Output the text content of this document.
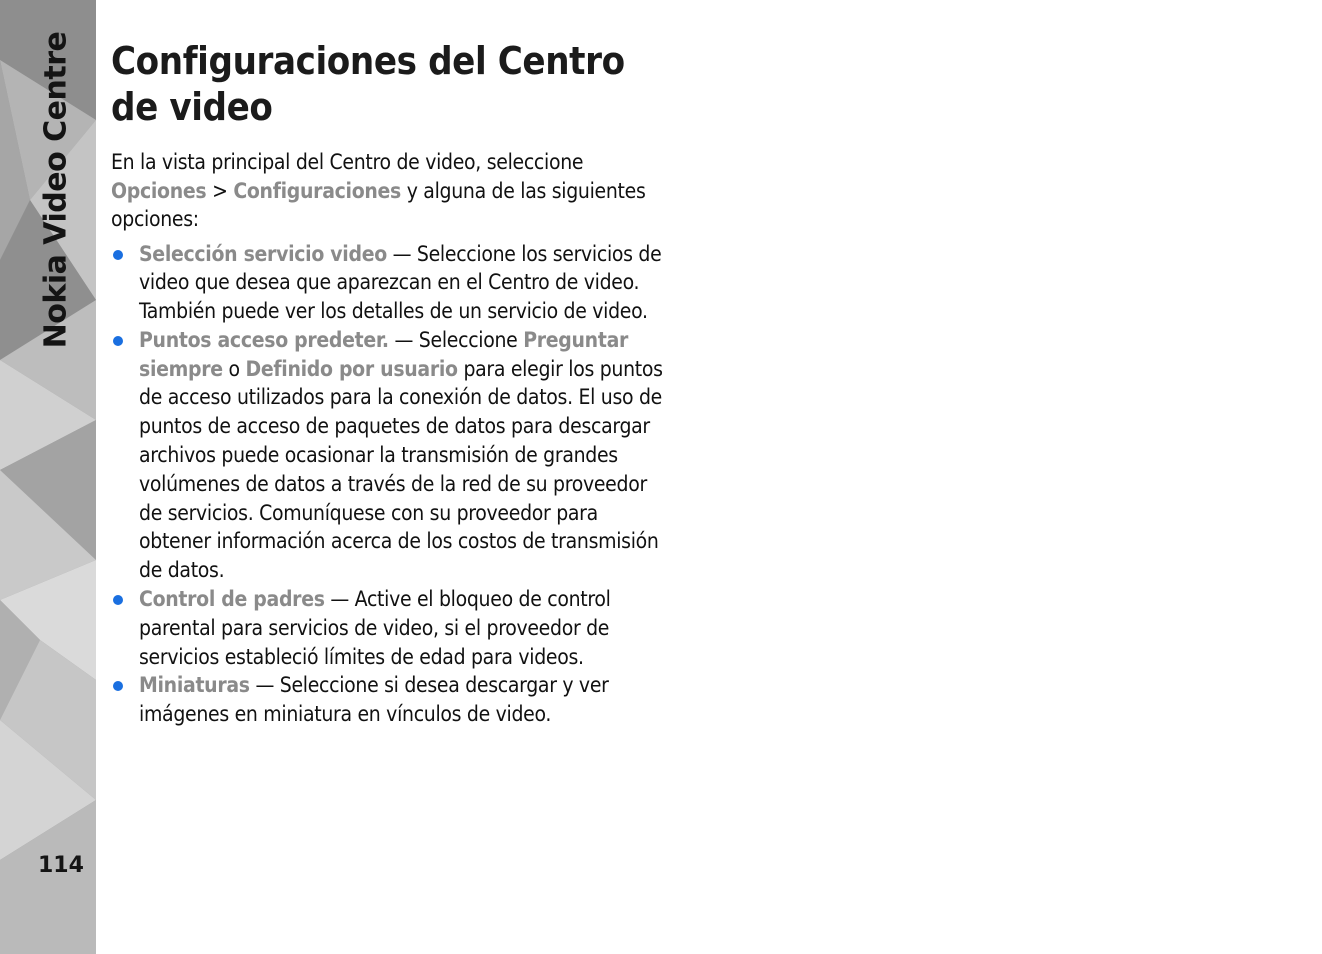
Nokia Video Centre
114
Configuraciones del Centro de video

En la vista principal del Centro de video, seleccione Opciones > Configuraciones y alguna de las siguientes opciones:

Selección servicio video — Seleccione los servicios de video que desea que aparezcan en el Centro de video. También puede ver los detalles de un servicio de video.
Puntos acceso predeter. — Seleccione Preguntar siempre o Definido por usuario para elegir los puntos de acceso utilizados para la conexión de datos. El uso de puntos de acceso de paquetes de datos para descargar archivos puede ocasionar la transmisión de grandes volúmenes de datos a través de la red de su proveedor de servicios. Comuníquese con su proveedor para obtener información acerca de los costos de transmisión de datos.
Control de padres — Active el bloqueo de control parental para servicios de video, si el proveedor de servicios estableció límites de edad para videos.
Miniaturas — Seleccione si desea descargar y ver imágenes en miniatura en vínculos de video.
